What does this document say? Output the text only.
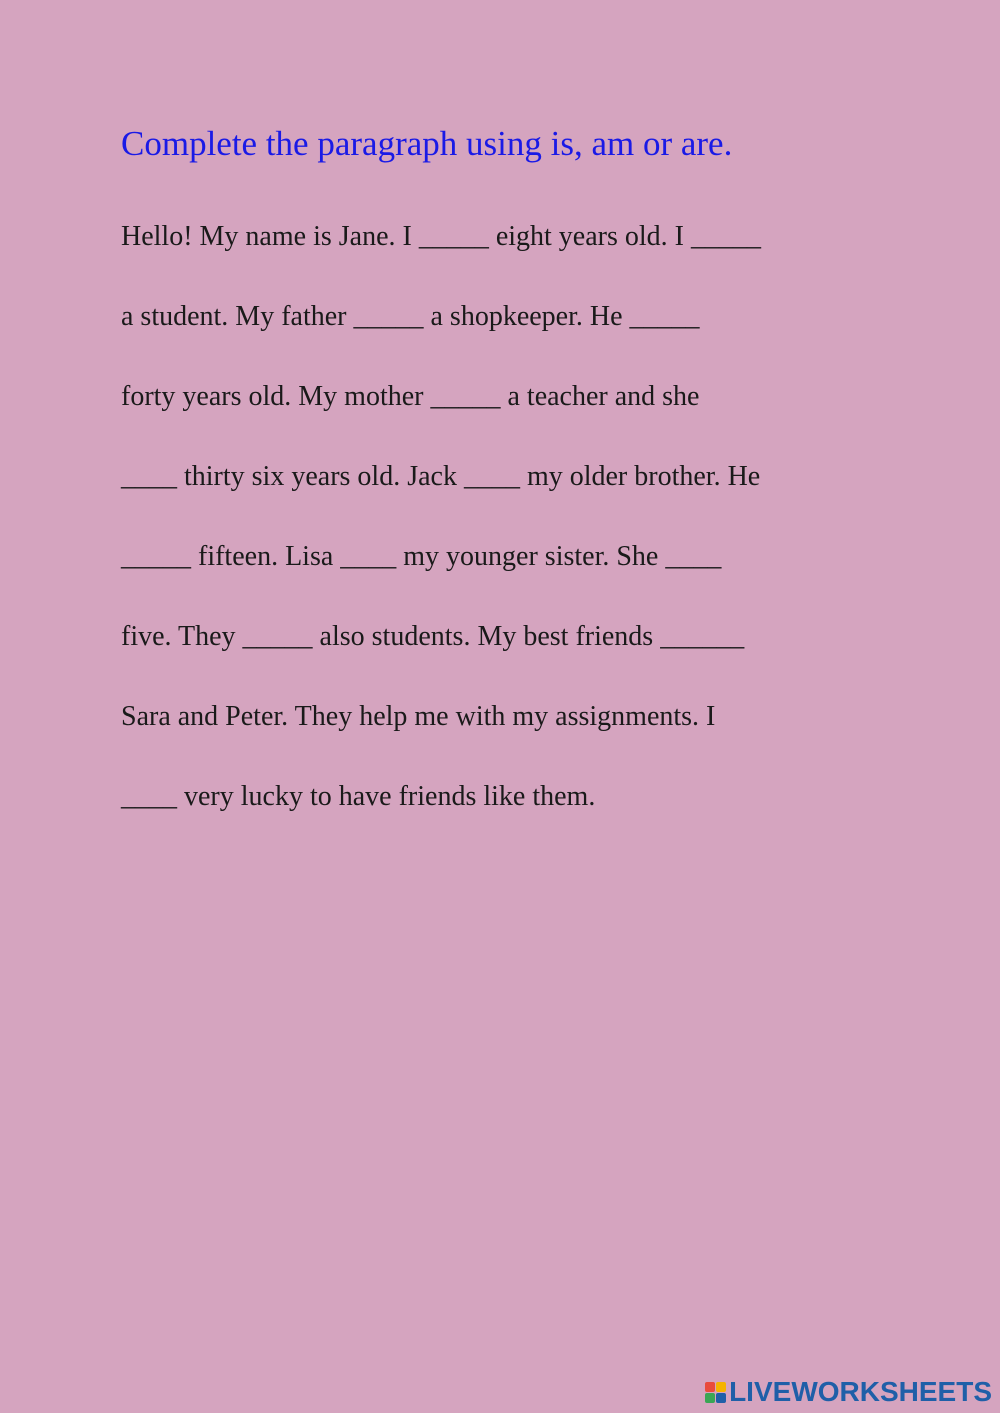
Complete the paragraph using is, am or are.
Hello! My name is Jane. I _____ eight years old. I _____
a student. My father _____ a shopkeeper. He _____
forty years old. My mother _____ a teacher and she
____ thirty six years old. Jack ____ my older brother. He
_____ fifteen. Lisa ____ my younger sister. She ____
five. They _____ also students. My best friends ______
Sara and Peter. They help me with my assignments. I
____ very lucky to have friends like them.
LIVEWORKSHEETS
